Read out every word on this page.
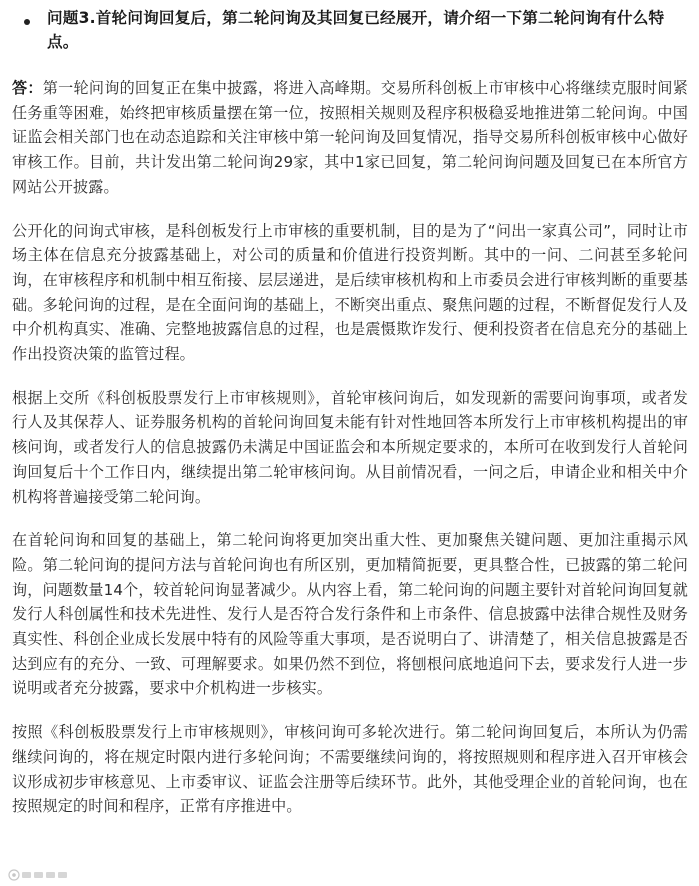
问题3.首轮问询回复后，第二轮问询及其回复已经展开，请介绍一下第二轮问询有什么特点。

答：第一轮问询的回复正在集中披露，将进入高峰期。交易所科创板上市审核中心将继续克服时间紧任务重等困难，始终把审核质量摆在第一位，按照相关规则及程序积极稳妥地推进第二轮问询。中国证监会相关部门也在动态追踪和关注审核中第一轮问询及回复情况，指导交易所科创板审核中心做好审核工作。目前，共计发出第二轮问询29家，其中1家已回复，第二轮问询问题及回复已在本所官方网站公开披露。

公开化的问询式审核，是科创板发行上市审核的重要机制，目的是为了“问出一家真公司”，同时让市场主体在信息充分披露基础上，对公司的质量和价值进行投资判断。其中的一问、二问甚至多轮问询，在审核程序和机制中相互衔接、层层递进，是后续审核机构和上市委员会进行审核判断的重要基础。多轮问询的过程，是在全面问询的基础上，不断突出重点、聚焦问题的过程，不断督促发行人及中介机构真实、准确、完整地披露信息的过程，也是震慑欺诈发行、便利投资者在信息充分的基础上作出投资决策的监管过程。

根据上交所《科创板股票发行上市审核规则》，首轮审核问询后，如发现新的需要问询事项，或者发行人及其保荐人、证券服务机构的首轮问询回复未能有针对性地回答本所发行上市审核机构提出的审核问询，或者发行人的信息披露仍未满足中国证监会和本所规定要求的，本所可在收到发行人首轮问询回复后十个工作日内，继续提出第二轮审核问询。从目前情况看，一问之后，申请企业和相关中介机构将普遍接受第二轮问询。

在首轮问询和回复的基础上，第二轮问询将更加突出重大性、更加聚焦关键问题、更加注重揭示风险。第二轮问询的提问方法与首轮问询也有所区别，更加精简扼要，更具整合性，已披露的第二轮问询，问题数量14个，较首轮问询显著减少。从内容上看，第二轮问询的问题主要针对首轮问询回复就发行人科创属性和技术先进性、发行人是否符合发行条件和上市条件、信息披露中法律合规性及财务真实性、科创企业成长发展中特有的风险等重大事项，是否说明白了、讲清楚了，相关信息披露是否达到应有的充分、一致、可理解要求。如果仍然不到位，将刨根问底地追问下去，要求发行人进一步说明或者充分披露，要求中介机构进一步核实。

按照《科创板股票发行上市审核规则》，审核问询可多轮次进行。第二轮问询回复后，本所认为仍需继续问询的，将在规定时限内进行多轮问询；不需要继续问询的，将按照规则和程序进入召开审核会议形成初步审核意见、上市委审议、证监会注册等后续环节。此外，其他受理企业的首轮问询，也在按照规定的时间和程序，正常有序推进中。
